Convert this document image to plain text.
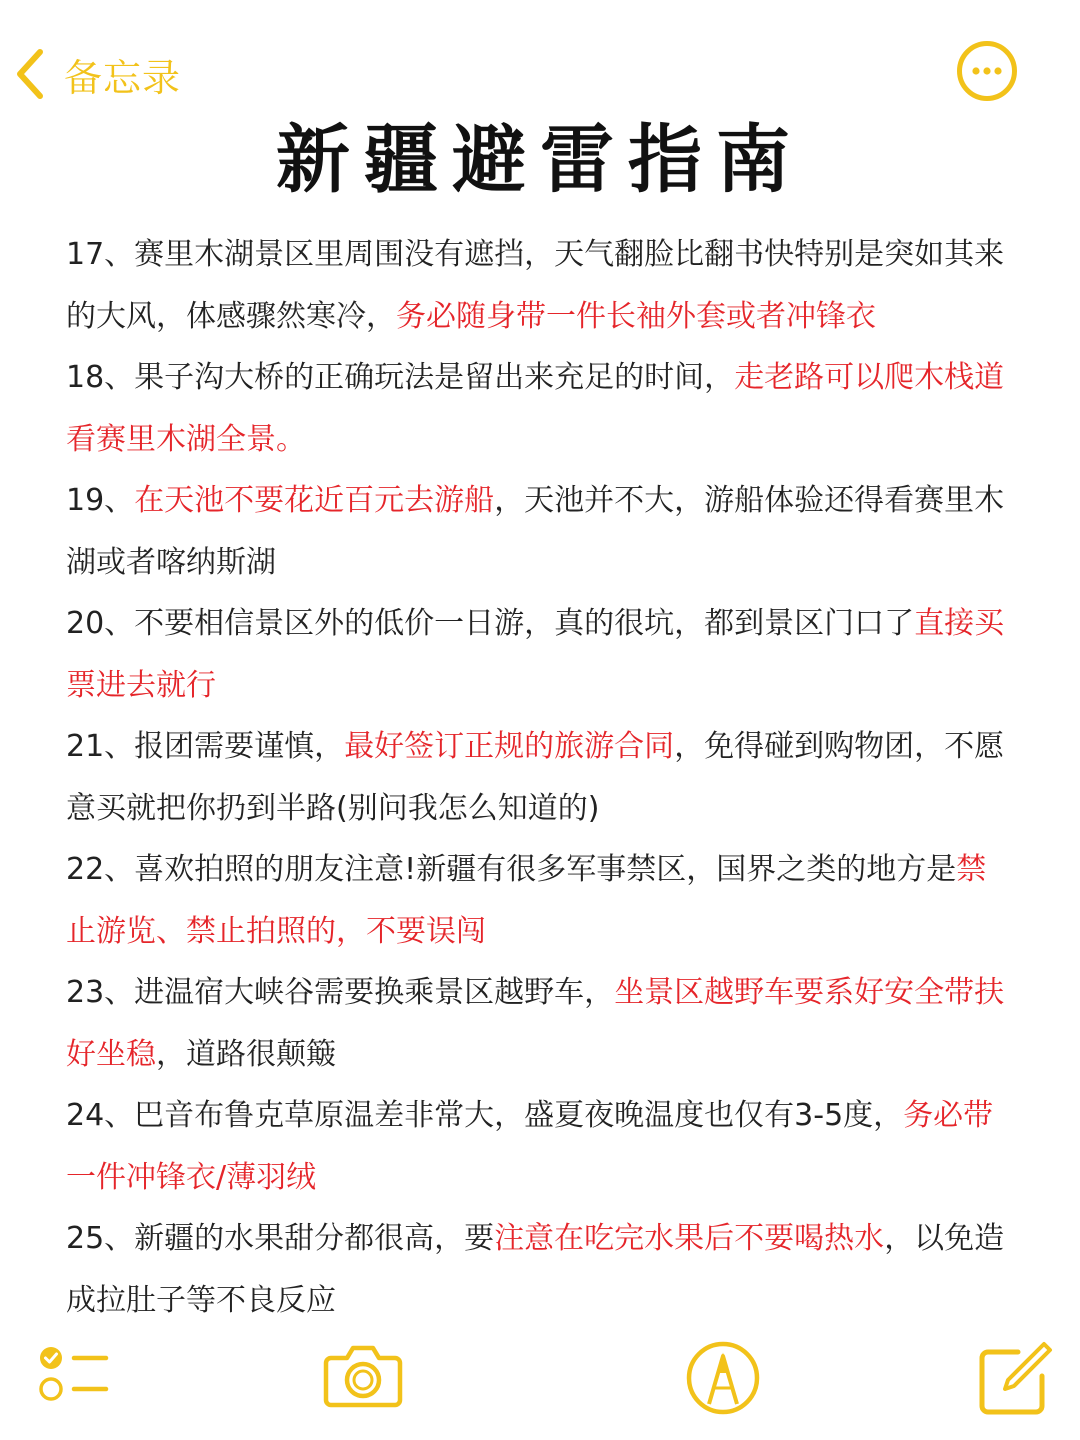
备忘录
新疆避雷指南

17、赛里木湖景区里周围没有遮挡，天气翻脸比翻书快特别是突如其来的大风，体感骤然寒冷，务必随身带一件长袖外套或者冲锋衣

18、果子沟大桥的正确玩法是留出来充足的时间，走老路可以爬木栈道看赛里木湖全景。

19、在天池不要花近百元去游船，天池并不大，游船体验还得看赛里木湖或者喀纳斯湖

20、不要相信景区外的低价一日游，真的很坑，都到景区门口了直接买票进去就行

21、报团需要谨慎，最好签订正规的旅游合同，免得碰到购物团，不愿意买就把你扔到半路(别问我怎么知道的)

22、喜欢拍照的朋友注意!新疆有很多军事禁区，国界之类的地方是禁止游览、禁止拍照的，不要误闯

23、进温宿大峡谷需要换乘景区越野车，坐景区越野车要系好安全带扶好坐稳，道路很颠簸

24、巴音布鲁克草原温差非常大，盛夏夜晚温度也仅有3-5度，务必带一件冲锋衣/薄羽绒

25、新疆的水果甜分都很高，要注意在吃完水果后不要喝热水，以免造成拉肚子等不良反应
